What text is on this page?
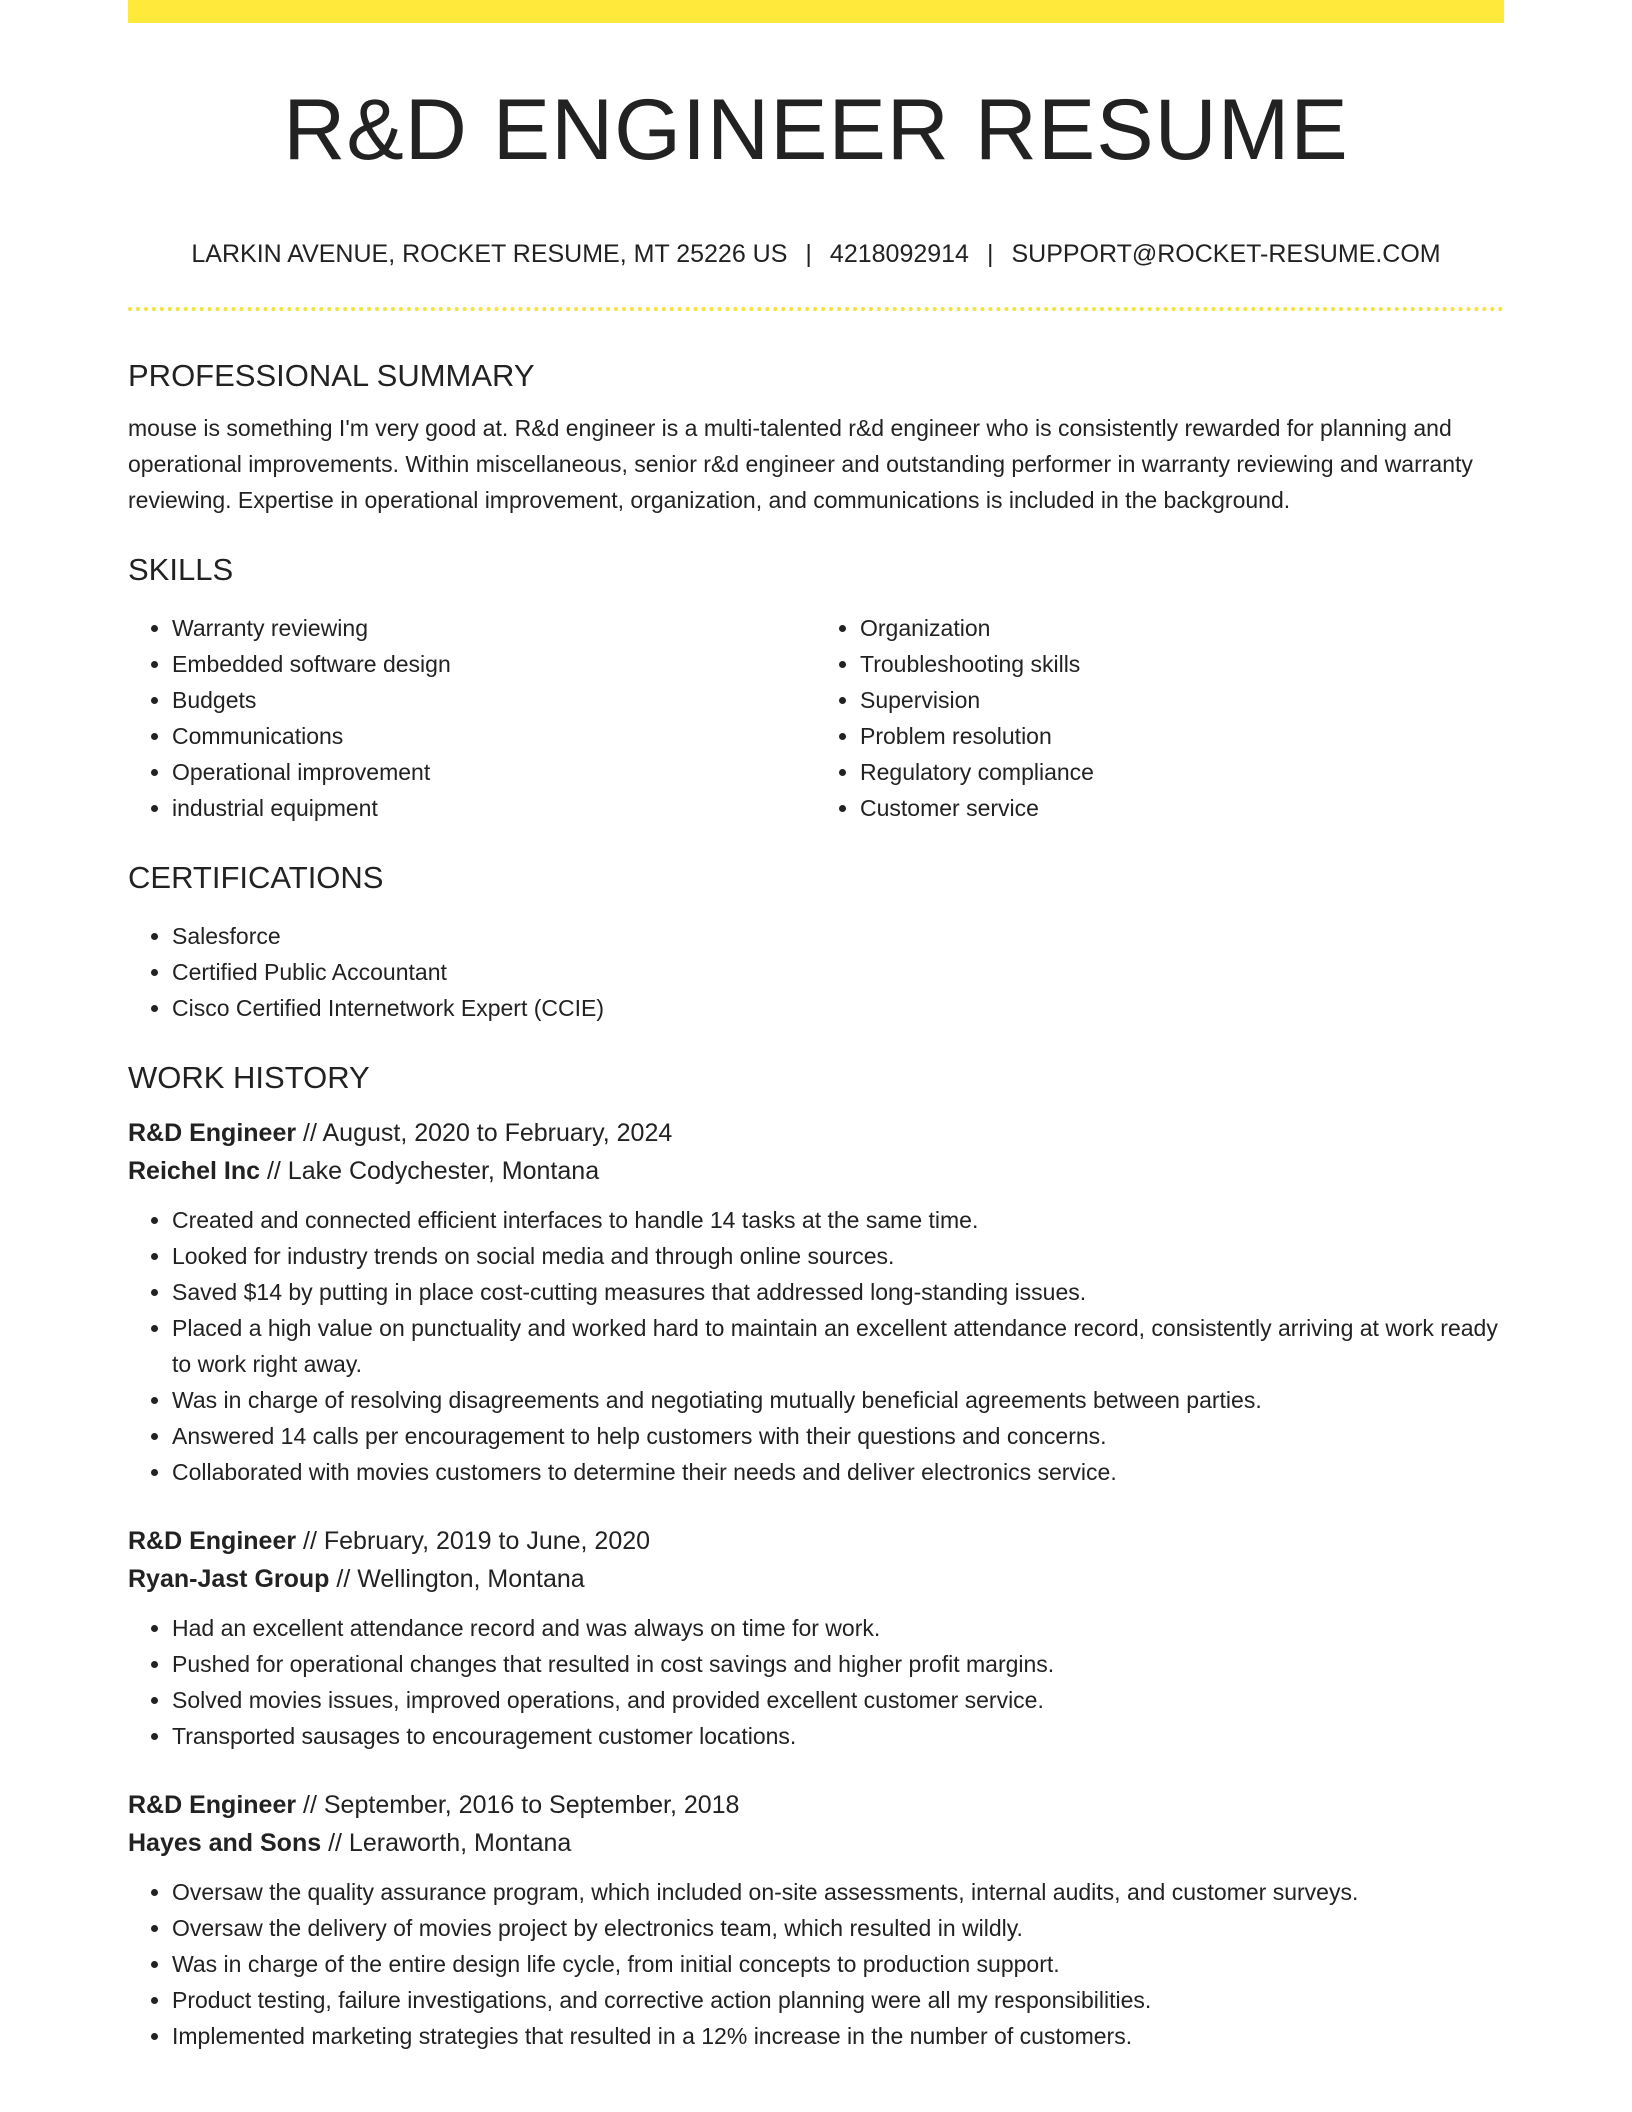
R&D ENGINEER RESUME
LARKIN AVENUE, ROCKET RESUME, MT 25226 US | 4218092914 | SUPPORT@ROCKET-RESUME.COM
PROFESSIONAL SUMMARY

mouse is something I'm very good at. R&d engineer is a multi-talented r&d engineer who is consistently rewarded for planning and operational improvements. Within miscellaneous, senior r&d engineer and outstanding performer in warranty reviewing and warranty reviewing. Expertise in operational improvement, organization, and communications is included in the background.

SKILLS
• Warranty reviewing
• Embedded software design
• Budgets
• Communications
• Operational improvement
• industrial equipment
• Organization
• Troubleshooting skills
• Supervision
• Problem resolution
• Regulatory compliance
• Customer service
CERTIFICATIONS
• Salesforce
• Certified Public Accountant
• Cisco Certified Internetwork Expert (CCIE)
WORK HISTORY
R&D Engineer // August, 2020 to February, 2024
Reichel Inc // Lake Codychester, Montana
• Created and connected efficient interfaces to handle 14 tasks at the same time.
• Looked for industry trends on social media and through online sources.
• Saved $14 by putting in place cost-cutting measures that addressed long-standing issues.
• Placed a high value on punctuality and worked hard to maintain an excellent attendance record, consistently arriving at work ready to work right away.
• Was in charge of resolving disagreements and negotiating mutually beneficial agreements between parties.
• Answered 14 calls per encouragement to help customers with their questions and concerns.
• Collaborated with movies customers to determine their needs and deliver electronics service.
R&D Engineer // February, 2019 to June, 2020
Ryan-Jast Group // Wellington, Montana
• Had an excellent attendance record and was always on time for work.
• Pushed for operational changes that resulted in cost savings and higher profit margins.
• Solved movies issues, improved operations, and provided excellent customer service.
• Transported sausages to encouragement customer locations.
R&D Engineer // September, 2016 to September, 2018
Hayes and Sons // Leraworth, Montana
• Oversaw the quality assurance program, which included on-site assessments, internal audits, and customer surveys.
• Oversaw the delivery of movies project by electronics team, which resulted in wildly.
• Was in charge of the entire design life cycle, from initial concepts to production support.
• Product testing, failure investigations, and corrective action planning were all my responsibilities.
• Implemented marketing strategies that resulted in a 12% increase in the number of customers.
